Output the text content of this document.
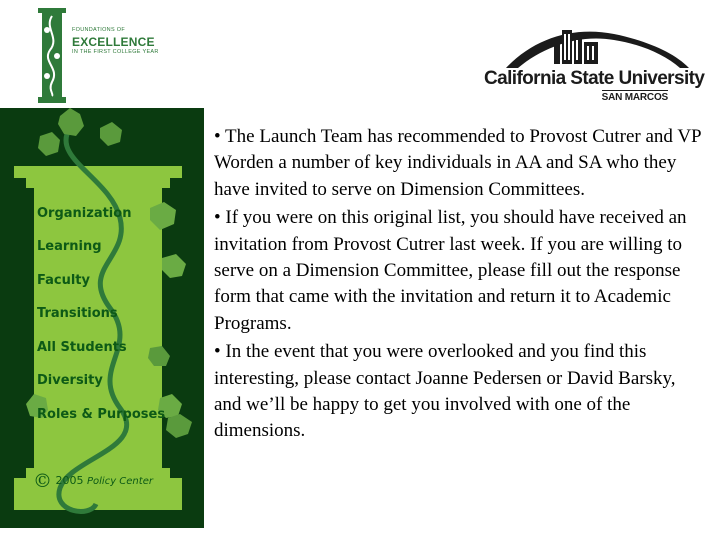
FOUNDATIONS OF
EXCELLENCE
IN THE FIRST COLLEGE YEAR
California State University
SAN MARCOS
Organization
Learning
Faculty
Transitions
All Students
Diversity
Roles & Purposes
© 2005 Policy Center

• The Launch Team has recommended to Provost Cutrer and VP Worden a number of key individuals in AA and SA who they have invited to serve on Dimension Committees.

• If you were on this original list, you should have received an invitation from Provost Cutrer last week. If you are willing to serve on a Dimension Committee, please fill out the response form that came with the invitation and return it to Academic Programs.

• In the event that you were overlooked and you find this interesting, please contact Joanne Pedersen or David Barsky, and we’ll be happy to get you involved with one of the dimensions.
